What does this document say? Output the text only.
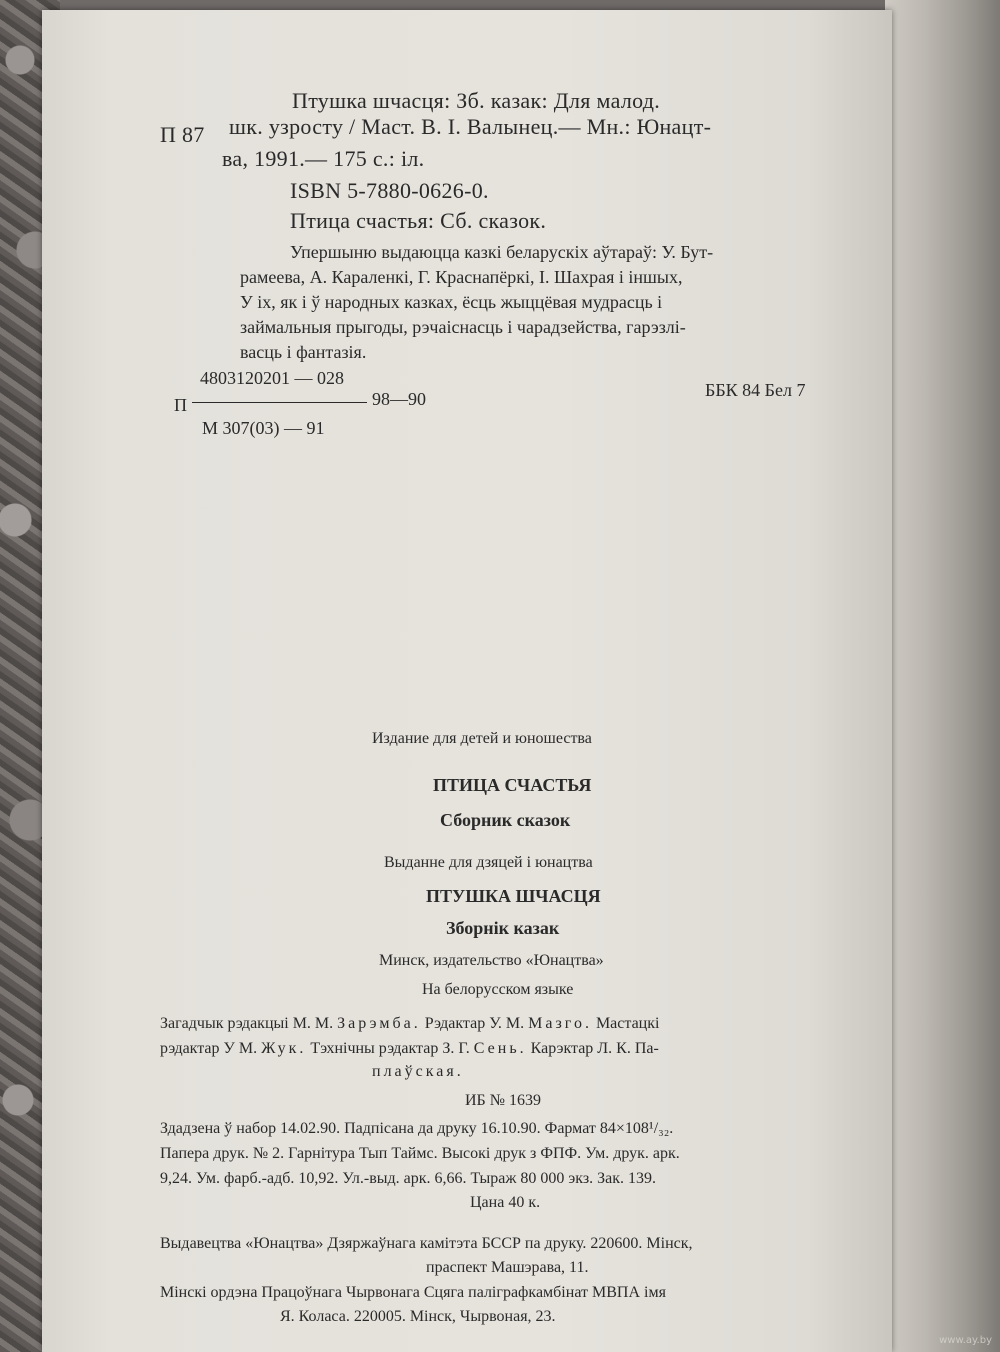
Птушка шчасця: Зб. казак: Для малод.
П 87 шк. узросту / Маст. В. І. Валынец.— Мн.: Юнацт-
ва, 1991.— 175 с.: іл.
ISBN 5-7880-0626-0.
Птица счастья: Сб. сказок.
Упершыню выдаюцца казкі беларускіх аўтараў: У. Бут-
рамеева, А. Караленкі, Г. Краснапёркі, І. Шахрая і іншых,
У іх, як і ў народных казках, ёсць жыццёвая мудрасць і
займальныя прыгоды, рэчаіснасць і чарадзейства, гарэзлі-
васць і фантазія.
П
4803120201 — 028
98—90
М 307(03) — 91
ББК 84 Бел 7
Издание для детей и юношества
ПТИЦА СЧАСТЬЯ
Сборник сказок
Выданне для дзяцей і юнацтва
ПТУШКА ШЧАСЦЯ
Зборнік казак
Минск, издательство «Юнацтва»
На белорусском языке
Загадчык рэдакцыі М. М. Зарэмба. Рэдактар У. М. Мазго. Мастацкі
рэдактар У М. Жук. Тэхнічны рэдактар З. Г. Сень. Карэктар Л. К. Па-
плаўская.
ИБ № 1639
Здадзена ў набор 14.02.90. Падпісана да друку 16.10.90. Фармат 84×108¹/₃₂.
Папера друк. № 2. Гарнітура Тып Таймс. Высокі друк з ФПФ. Ум. друк. арк.
9,24. Ум. фарб.-адб. 10,92. Ул.-выд. арк. 6,66. Тыраж 80 000 экз. Зак. 139.
Цана 40 к.
Выдавецтва «Юнацтва» Дзяржаўнага камітэта БССР па друку. 220600. Мінск,
праспект Машэрава, 11.
Мінскі ордэна Працоўнага Чырвонага Сцяга паліграфкамбінат МВПА імя
Я. Коласа. 220005. Мінск, Чырвоная, 23.
www.ay.by
